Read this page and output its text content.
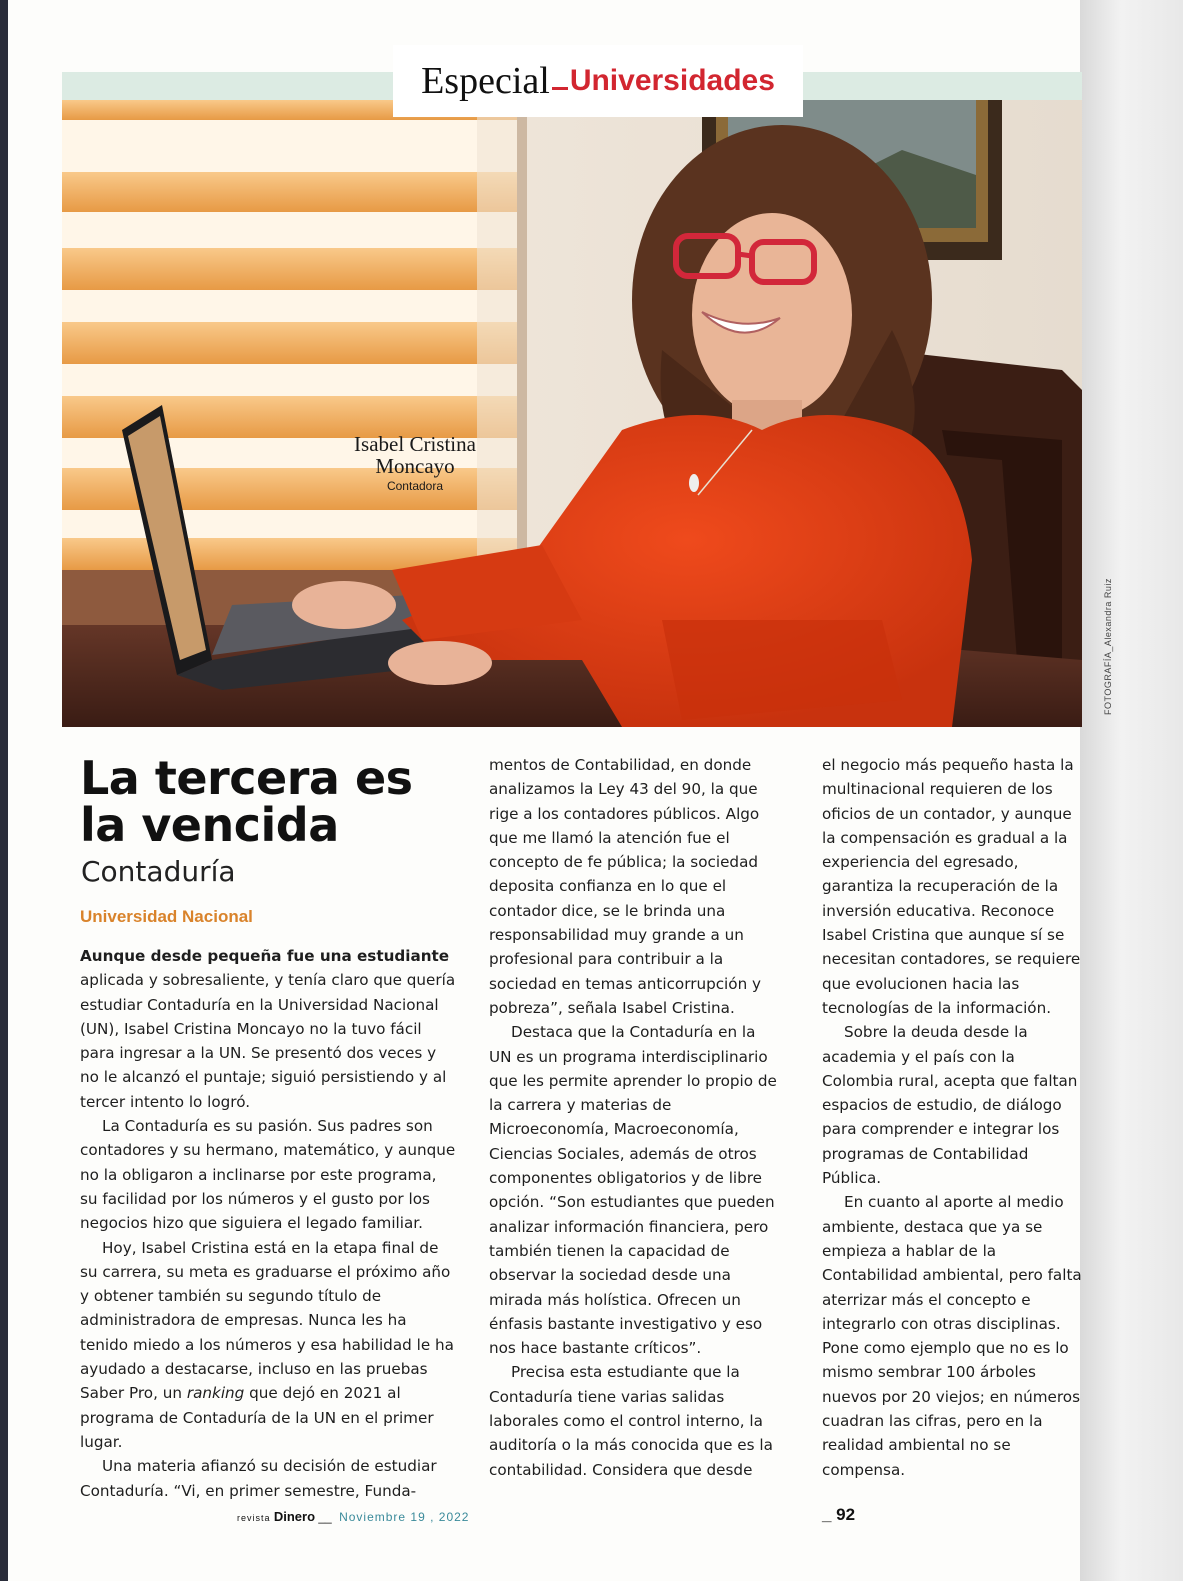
Isabel Cristina Moncayo
Contadora
Especial Universidades
FOTOGRAFÍA_Alexandra Ruiz
La tercera es la vencida
Contaduría
Universidad Nacional

Aunque desde pequeña fue una estudiante aplicada y sobresaliente, y tenía claro que quería estudiar Contaduría en la Universidad Nacional (UN), Isabel Cristina Moncayo no la tuvo fácil para ingresar a la UN. Se presentó dos veces y no le alcanzó el puntaje; siguió persistiendo y al tercer intento lo logró.

La Contaduría es su pasión. Sus padres son contadores y su hermano, matemático, y aunque no la obligaron a inclinarse por este programa, su facilidad por los números y el gusto por los negocios hizo que siguiera el legado familiar.

Hoy, Isabel Cristina está en la etapa final de su carrera, su meta es graduarse el próximo año y obtener también su segundo título de administradora de empresas. Nunca les ha tenido miedo a los números y esa habilidad le ha ayudado a destacarse, incluso en las pruebas Saber Pro, un ranking que dejó en 2021 al programa de Contaduría de la UN en el primer lugar.

Una materia afianzó su decisión de estudiar Contaduría. “Vi, en primer semestre, Funda-

mentos de Contabilidad, en donde analizamos la Ley 43 del 90, la que rige a los contadores públicos. Algo que me llamó la atención fue el concepto de fe pública; la sociedad deposita confianza en lo que el contador dice, se le brinda una responsabilidad muy grande a un profesional para contribuir a la sociedad en temas anticorrupción y pobreza”, señala Isabel Cristina.

Destaca que la Contaduría en la UN es un programa interdisciplinario que les permite aprender lo propio de la carrera y materias de Microeconomía, Macroeconomía, Ciencias Sociales, además de otros componentes obligatorios y de libre opción. “Son estudiantes que pueden analizar información financiera, pero también tienen la capacidad de observar la sociedad desde una mirada más holística. Ofrecen un énfasis bastante investigativo y eso nos hace bastante críticos”.

Precisa esta estudiante que la Contaduría tiene varias salidas laborales como el control interno, la auditoría o la más conocida que es la contabilidad. Considera que desde

el negocio más pequeño hasta la multinacional requieren de los oficios de un contador, y aunque la compensación es gradual a la experiencia del egresado, garantiza la recuperación de la inversión educativa. Reconoce Isabel Cristina que aunque sí se necesitan contadores, se requiere que evolucionen hacia las tecnologías de la información.

Sobre la deuda desde la academia y el país con la Colombia rural, acepta que faltan espacios de estudio, de diálogo para comprender e integrar los programas de Contabilidad Pública.

En cuanto al aporte al medio ambiente, destaca que ya se empieza a hablar de la Contabilidad ambiental, pero falta aterrizar más el concepto e integrarlo con otras disciplinas. Pone como ejemplo que no es lo mismo sembrar 100 árboles nuevos por 20 viejos; en números cuadran las cifras, pero en la realidad ambiental no se compensa.

revista Dinero __ Noviembre 19 , 2022	_ 92
